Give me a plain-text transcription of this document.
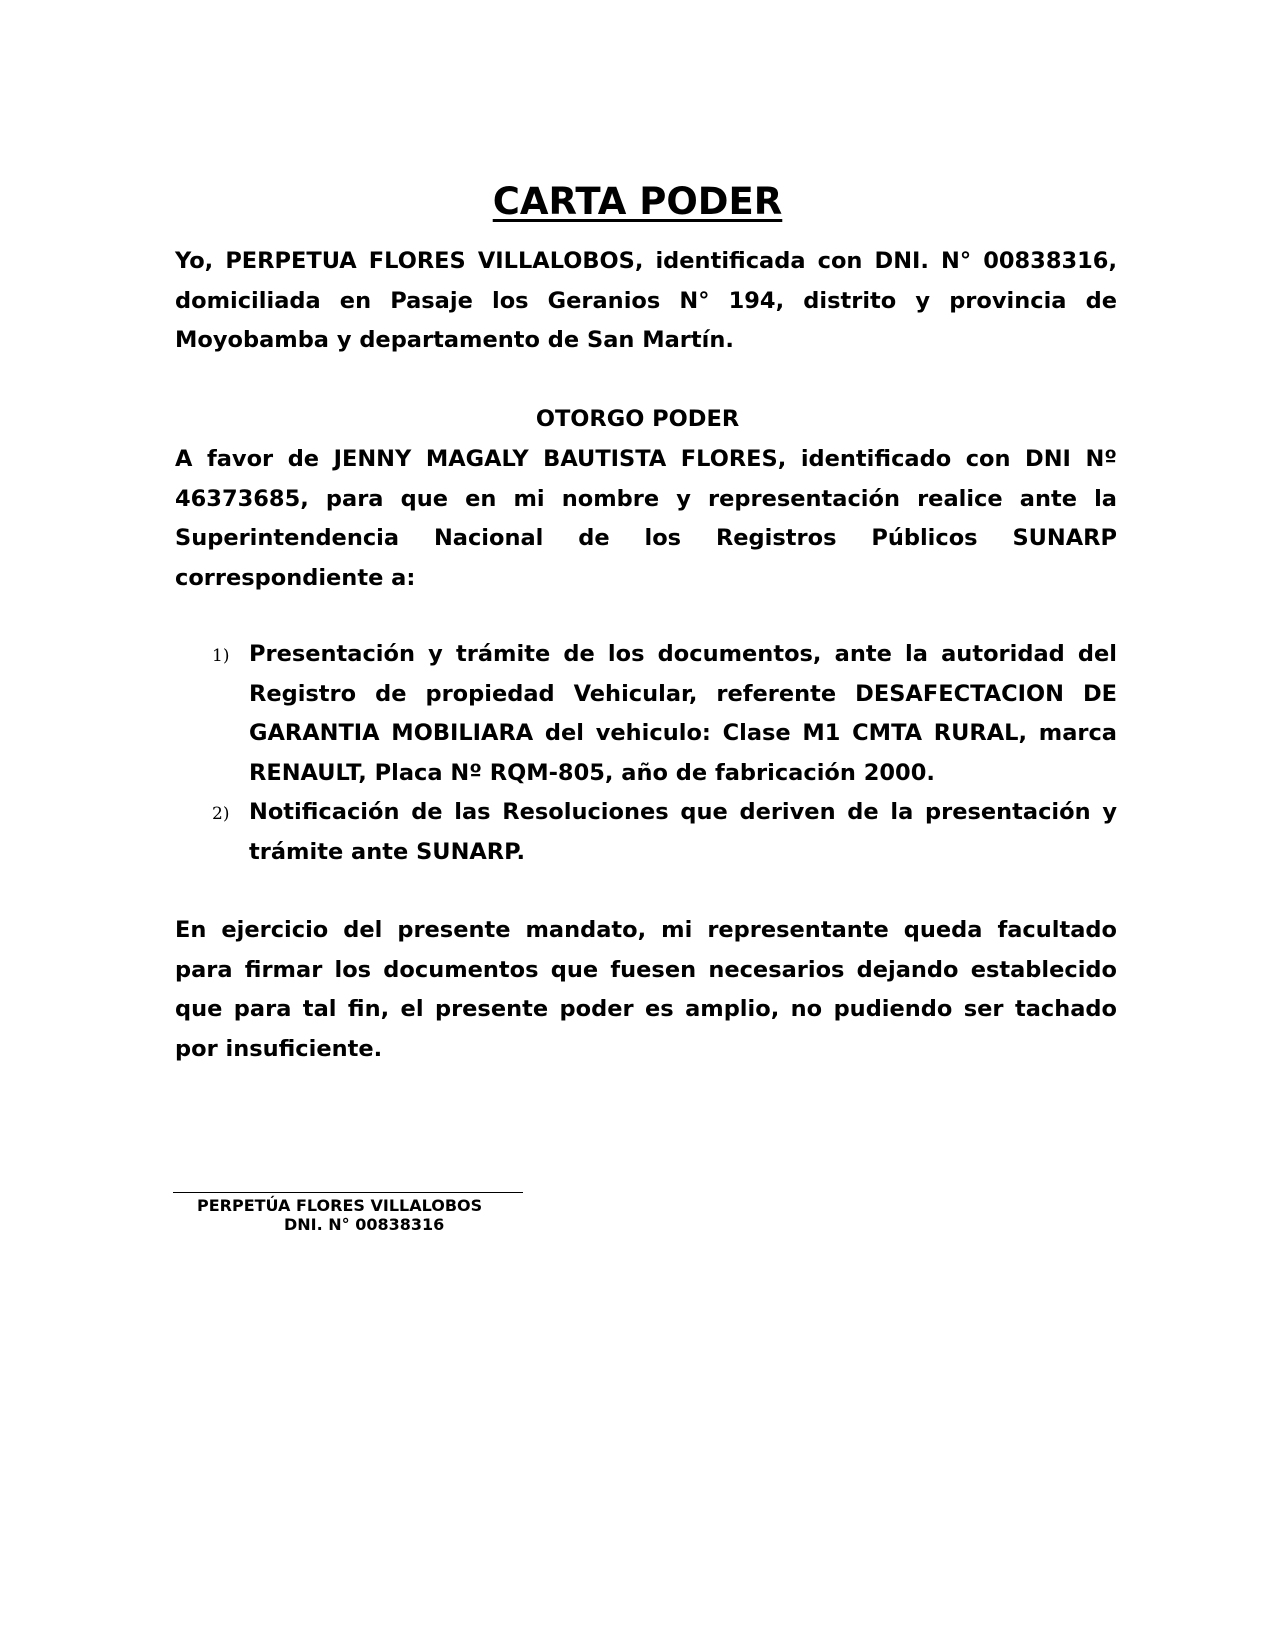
CARTA PODER

Yo, PERPETUA FLORES VILLALOBOS, identificada con DNI. N° 00838316, domiciliada en Pasaje los Geranios N° 194, distrito y provincia de Moyobamba y departamento de San Martín.

OTORGO PODER

A favor de JENNY MAGALY BAUTISTA FLORES, identificado con DNI Nº 46373685, para que en mi nombre y representación realice ante la Superintendencia Nacional de los Registros Públicos SUNARP correspondiente a:

1) Presentación y trámite de los documentos, ante la autoridad del Registro de propiedad Vehicular, referente DESAFECTACION DE GARANTIA MOBILIARA del vehiculo: Clase M1 CMTA RURAL, marca RENAULT, Placa Nº RQM-805, año de fabricación 2000.
2) Notificación de las Resoluciones que deriven de la presentación y trámite ante SUNARP.

En ejercicio del presente mandato, mi representante queda facultado para firmar los documentos que fuesen necesarios dejando establecido que para tal fin, el presente poder es amplio, no pudiendo ser tachado por insuficiente.

PERPETÚA FLORES VILLALOBOS
DNI. N° 00838316
